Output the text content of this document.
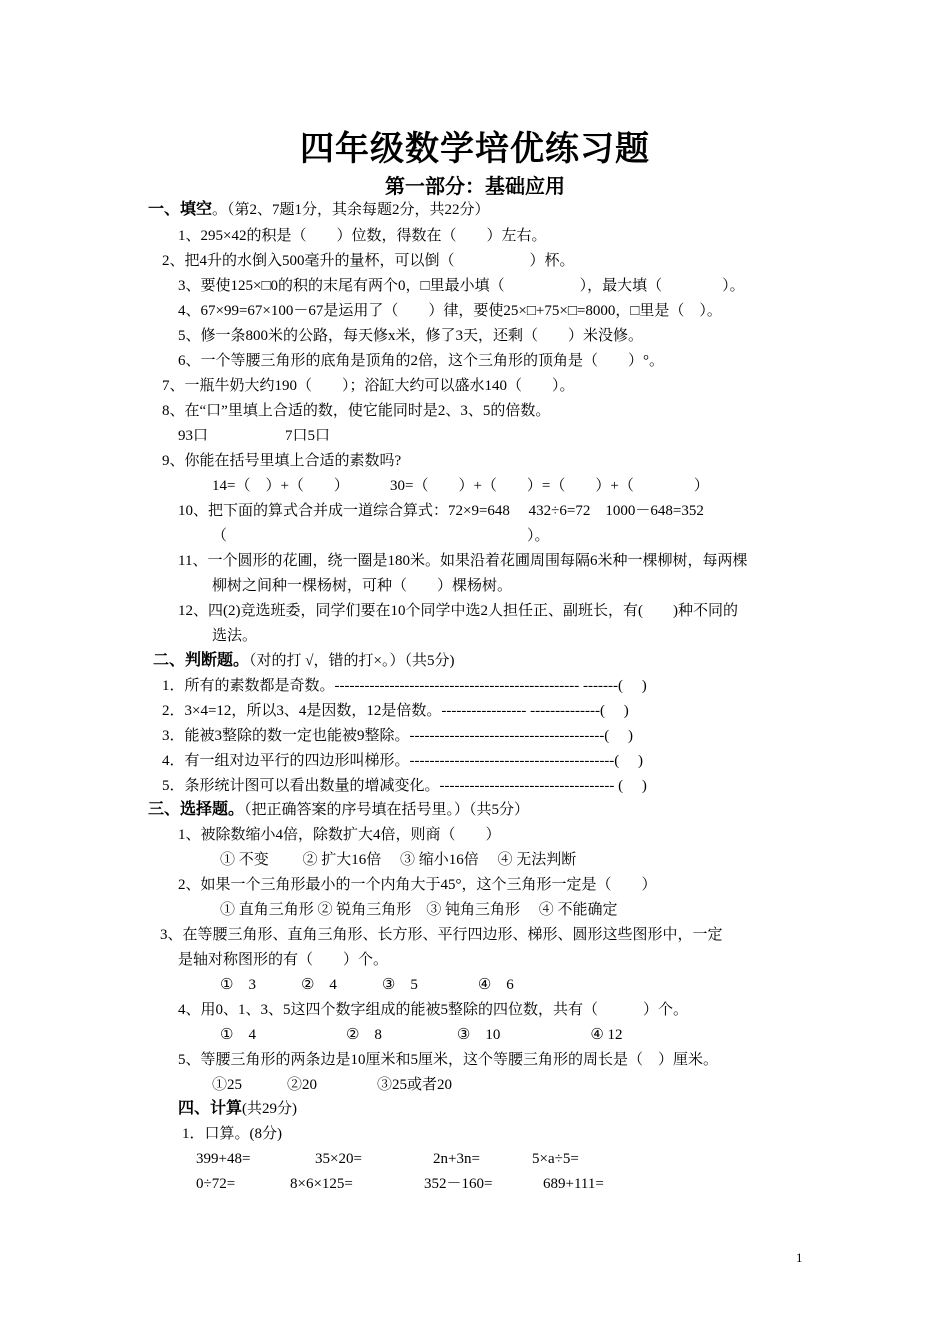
四年级数学培优练习题
第一部分：基础应用
一、填空。（第2、7题1分，其余每题2分，共22分）
1、295×42的积是（　　）位数，得数在（　　）左右。
2、把4升的水倒入500毫升的量杯，可以倒（　　　　　）杯。
3、要使125×□0的积的末尾有两个0，□里最小填（　　　　　），最大填（　　　　）。
4、67×99=67×100－67是运用了（　　）律，要使25×□+75×□=8000，□里是（　）。
5、修一条800米的公路，每天修x米，修了3天，还剩（　　）米没修。
6、一个等腰三角形的底角是顶角的2倍，这个三角形的顶角是（　　）°。
7、一瓶牛奶大约190（　　）；浴缸大约可以盛水140（　　）。
8、在“口”里填上合适的数，使它能同时是2、3、5的倍数。
93口	7口5口
9、你能在括号里填上合适的素数吗?
14=（　）+（　　）	30=（　　）+（　　）=（　　）+（　　　　）
10、把下面的算式合并成一道综合算式：72×9=648　 432÷6=72　1000－648=352
（　　　　　　　　　　　　　　　　　　　　）。
11、一个圆形的花圃，绕一圈是180米。如果沿着花圃周围每隔6米种一棵柳树，每两棵
柳树之间种一棵杨树，可种（　　）棵杨树。
12、四(2)竞选班委，同学们要在10个同学中选2人担任正、副班长，有(　　)种不同的
选法。
二、判断题。（对的打 √，错的打×。）（共5分)
1．所有的素数都是奇数。------------------------------------------------- -------(　 )
2．3×4=12，所以3、4是因数，12是倍数。----------------- --------------(　 )
3．能被3整除的数一定也能被9整除。---------------------------------------(　 )
4．有一组对边平行的四边形叫梯形。-----------------------------------------(　 )
5．条形统计图可以看出数量的增减变化。----------------------------------- (　 )
三、选择题。（把正确答案的序号填在括号里。）（共5分）
1、被除数缩小4倍，除数扩大4倍，则商（　　）
① 不变　　 ② 扩大16倍　 ③ 缩小16倍　 ④ 无法判断
2、如果一个三角形最小的一个内角大于45°，这个三角形一定是（　　）
① 直角三角形 ② 锐角三角形　③ 钝角三角形　 ④ 不能确定
3、在等腰三角形、直角三角形、长方形、平行四边形、梯形、圆形这些图形中，一定
是轴对称图形的有（　　）个。
①　3　　　②　4　　　③　5　　　　④　6
4、用0、1、3、5这四个数字组成的能被5整除的四位数，共有（　　　）个。
①　4　　　　　　②　8　　　　　③　10　　　　　　④ 12
5、等腰三角形的两条边是10厘米和5厘米，这个等腰三角形的周长是（　）厘米。
①25　　　②20　　　　③25或者20
四、计算(共29分)
1．口算。(8分)
399+48=	35×20=	2n+3n=	5×a÷5=
0÷72=	8×6×125=	352－160=	689+111=
1
